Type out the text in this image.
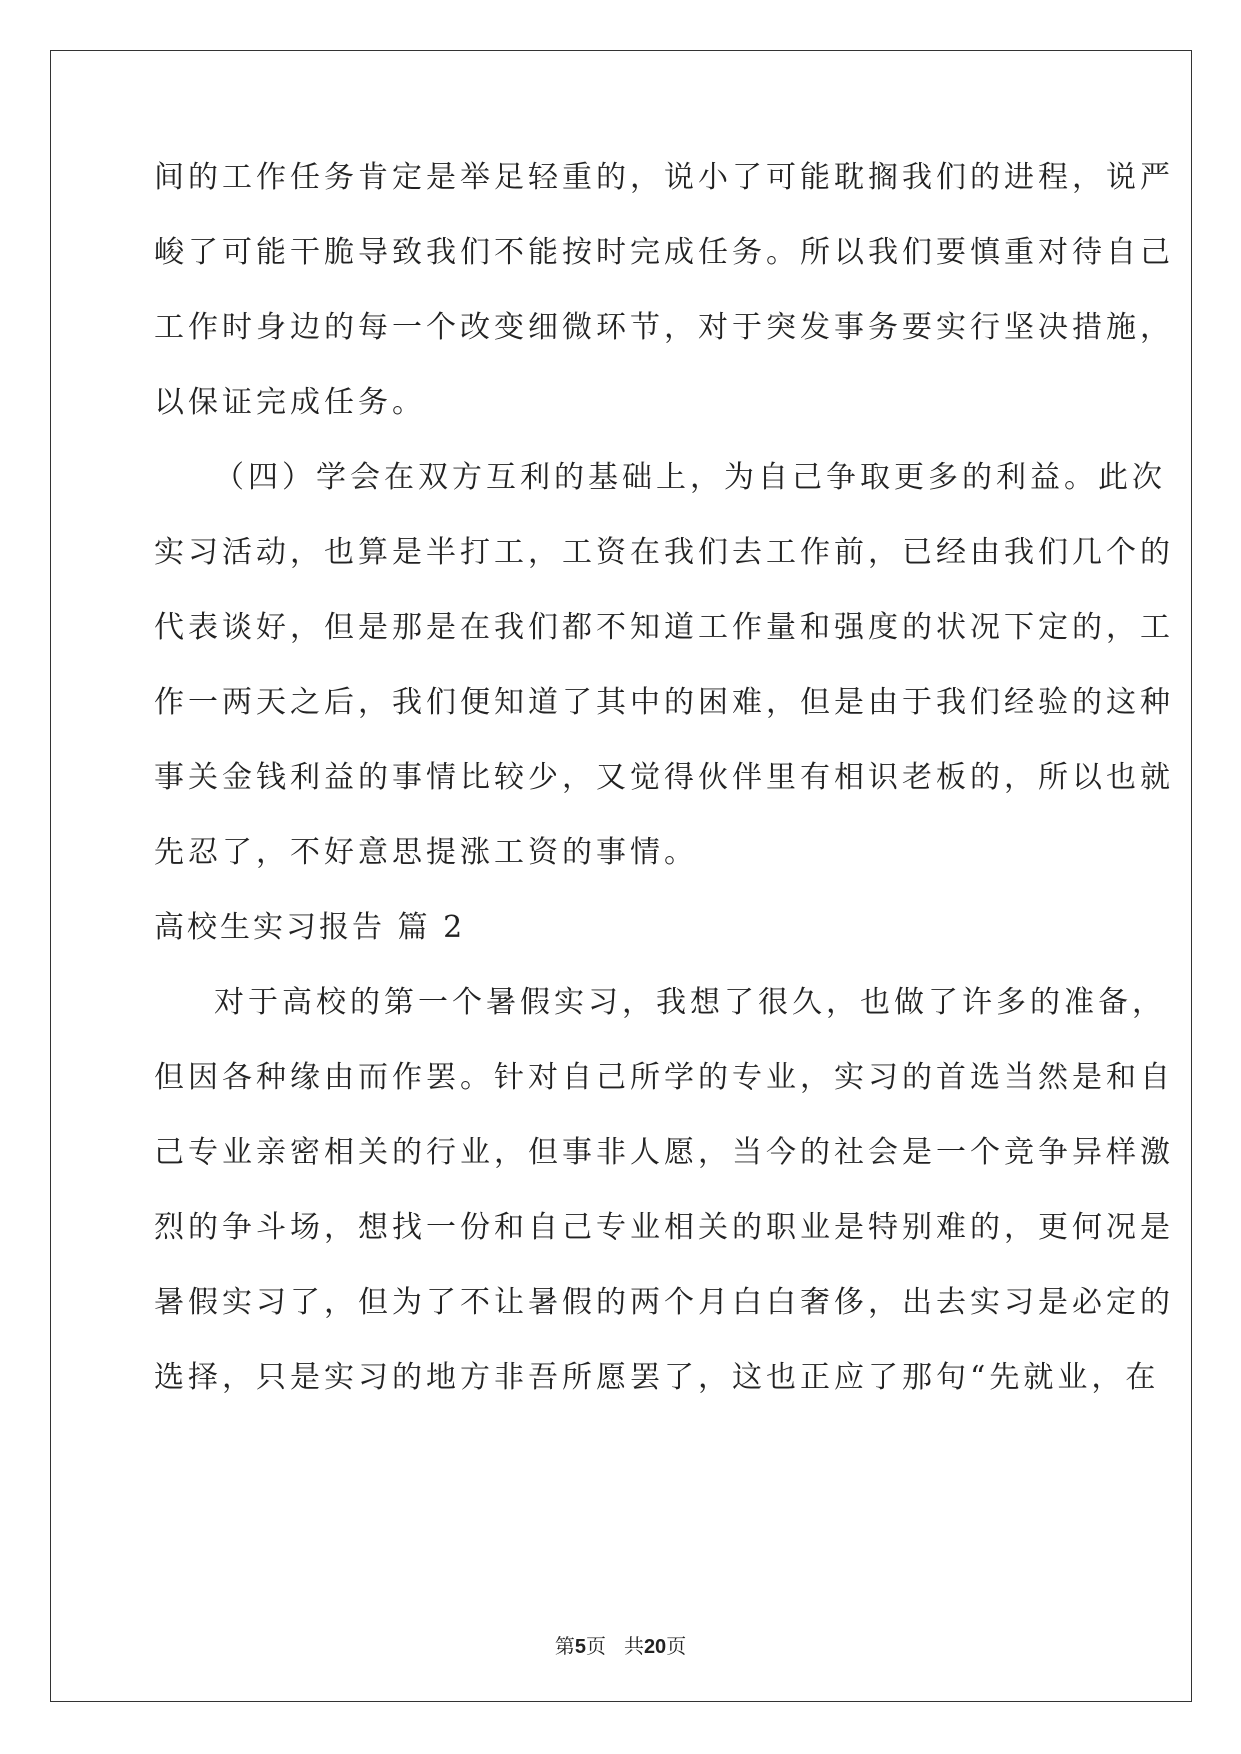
间的工作任务肯定是举足轻重的，说小了可能耽搁我们的进程，说严
峻了可能干脆导致我们不能按时完成任务。所以我们要慎重对待自己
工作时身边的每一个改变细微环节，对于突发事务要实行坚决措施，
以保证完成任务。
（四）学会在双方互利的基础上，为自己争取更多的利益。此次
实习活动，也算是半打工，工资在我们去工作前，已经由我们几个的
代表谈好，但是那是在我们都不知道工作量和强度的状况下定的，工
作一两天之后，我们便知道了其中的困难，但是由于我们经验的这种
事关金钱利益的事情比较少，又觉得伙伴里有相识老板的，所以也就
先忍了，不好意思提涨工资的事情。
高校生实习报告 篇 2
对于高校的第一个暑假实习，我想了很久，也做了许多的准备，
但因各种缘由而作罢。针对自己所学的专业，实习的首选当然是和自
己专业亲密相关的行业，但事非人愿，当今的社会是一个竞争异样激
烈的争斗场，想找一份和自己专业相关的职业是特别难的，更何况是
暑假实习了，但为了不让暑假的两个月白白奢侈，出去实习是必定的
选择，只是实习的地方非吾所愿罢了，这也正应了那句“先就业，在
第5页 共20页
